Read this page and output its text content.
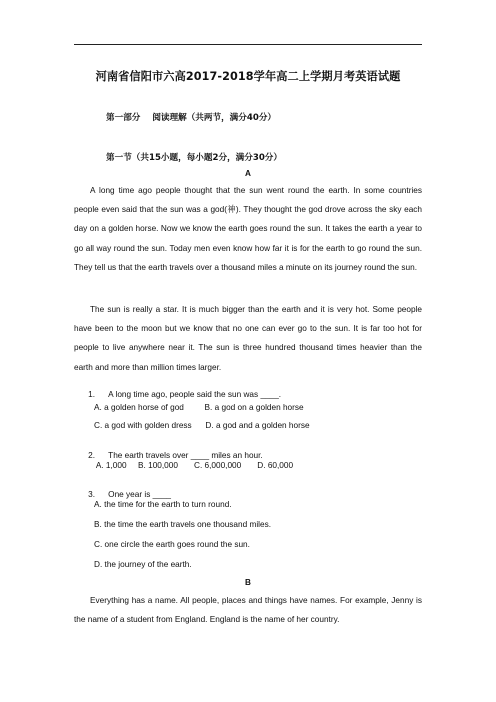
河南省信阳市六高2017-2018学年高二上学期月考英语试题
第一部分    阅读理解（共两节，满分40分）
第一节（共15小题，每小题2分，满分30分）
A

A long time ago people thought that the sun went round the earth. In some countries people even said that the sun was a god(神). They thought the god drove across the sky each day on a golden horse. Now we know the earth goes round the sun. It takes the earth a year to go all way round the sun. Today men even know how far it is for the earth to go round the sun. They tell us that the earth travels over a thousand miles a minute on its journey round the sun.

The sun is really a star. It is much bigger than the earth and it is very hot. Some people have been to the moon but we know that no one can ever go to the sun. It is far too hot for people to live anywhere near it. The sun is three hundred thousand times heavier than the earth and more than million times larger.

1. A long time ago, people said the sun was ____.

A. a golden horse of god         B. a god on a golden horse
C. a god with golden dress      D. a god and a golden horse

2. The earth travels over ____ miles an hour.

A. 1,000     B. 100,000       C. 6,000,000       D. 60,000

3. One year is ____

A. the time for the earth to turn round.
B. the time the earth travels one thousand miles.
C. one circle the earth goes round the sun.
D. the journey of the earth.
B

Everything has a name. All people, places and things have names. For example, Jenny is the name of a student from England. England is the name of her country.
